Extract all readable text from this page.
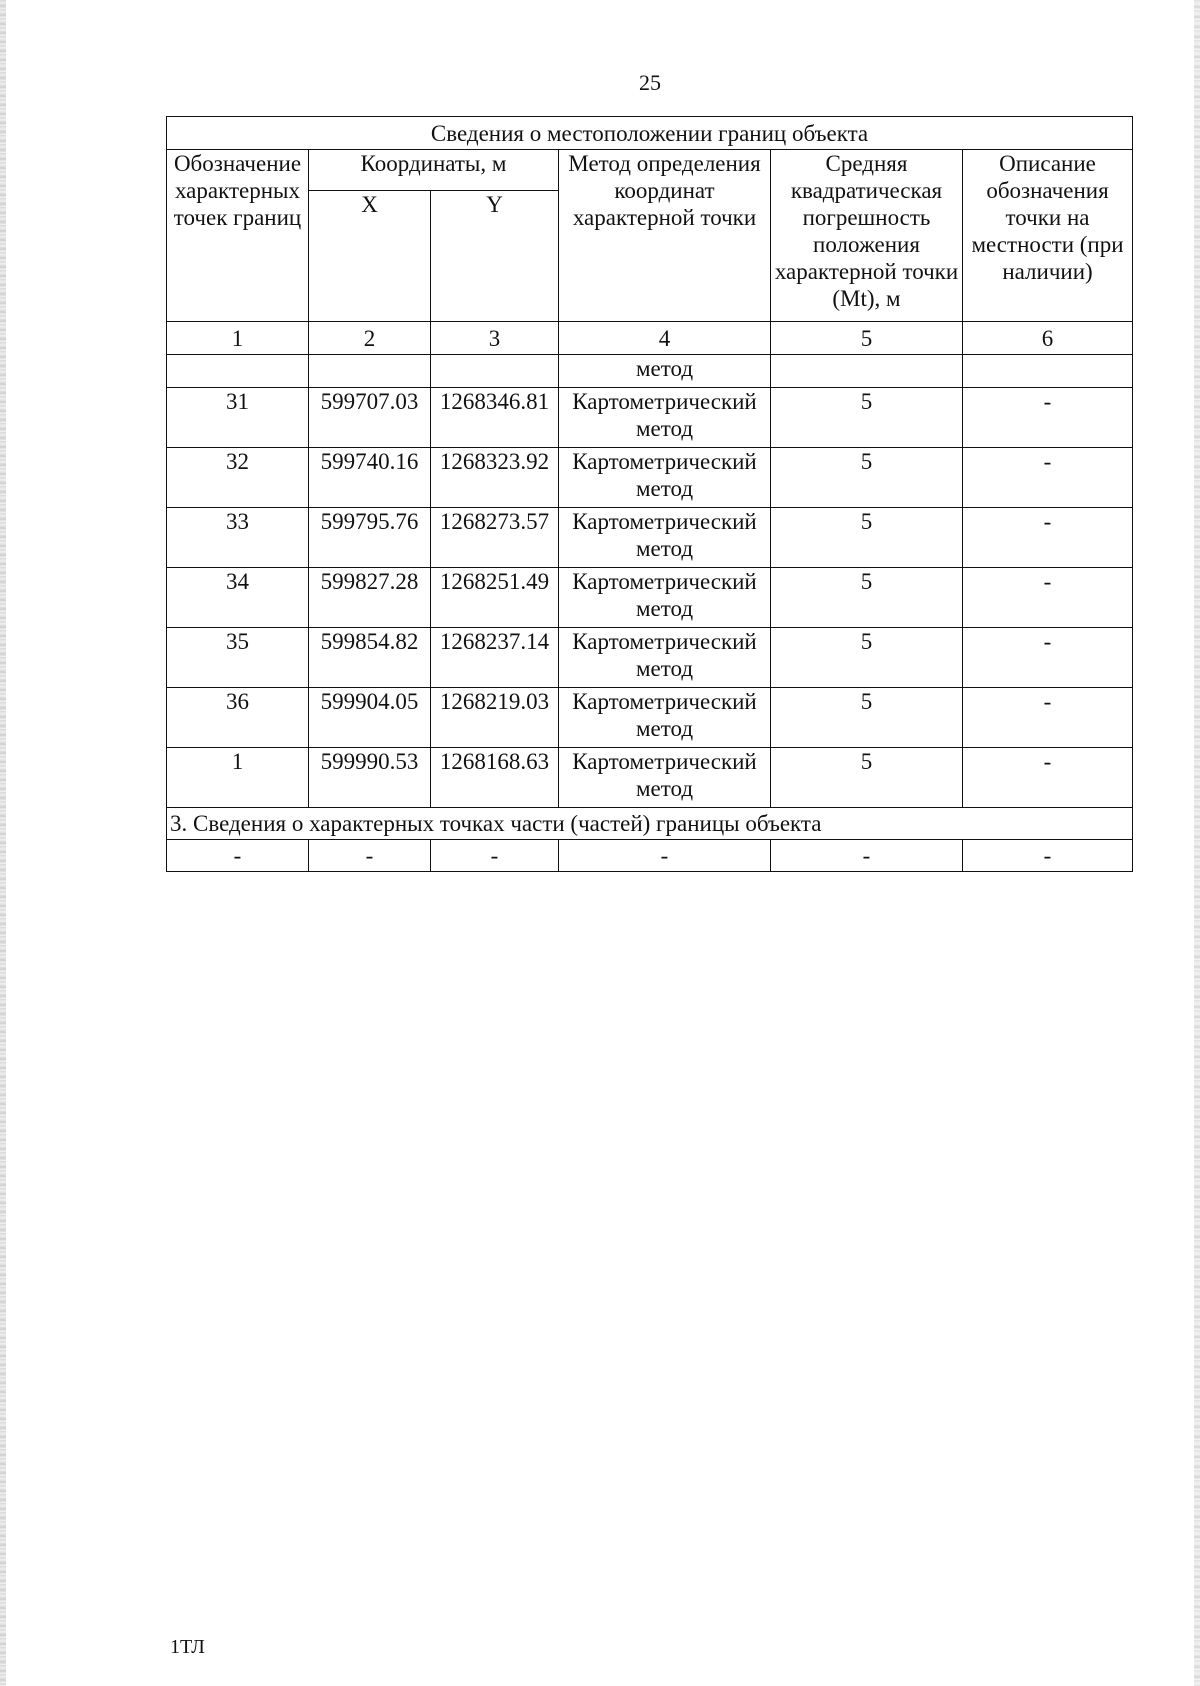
25
Сведения о местоположении границ объекта					
Обозначение характерных точек границ	Координаты, м		Метод определения координат характерной точки	Средняя квадратическая погрешность положения характерной точки (Mt), м	Описание обозначения точки на местности (при наличии)
	X	Y			
1	2	3	4	5	6
			метод		
31	599707.03	1268346.81	Картометрический метод	5	-
32	599740.16	1268323.92	Картометрический метод	5	-
33	599795.76	1268273.57	Картометрический метод	5	-
34	599827.28	1268251.49	Картометрический метод	5	-
35	599854.82	1268237.14	Картометрический метод	5	-
36	599904.05	1268219.03	Картометрический метод	5	-
1	599990.53	1268168.63	Картометрический метод	5	-
3. Сведения о характерных точках части (частей) границы объекта					
-	-	-	-	-	-
1ТЛ
